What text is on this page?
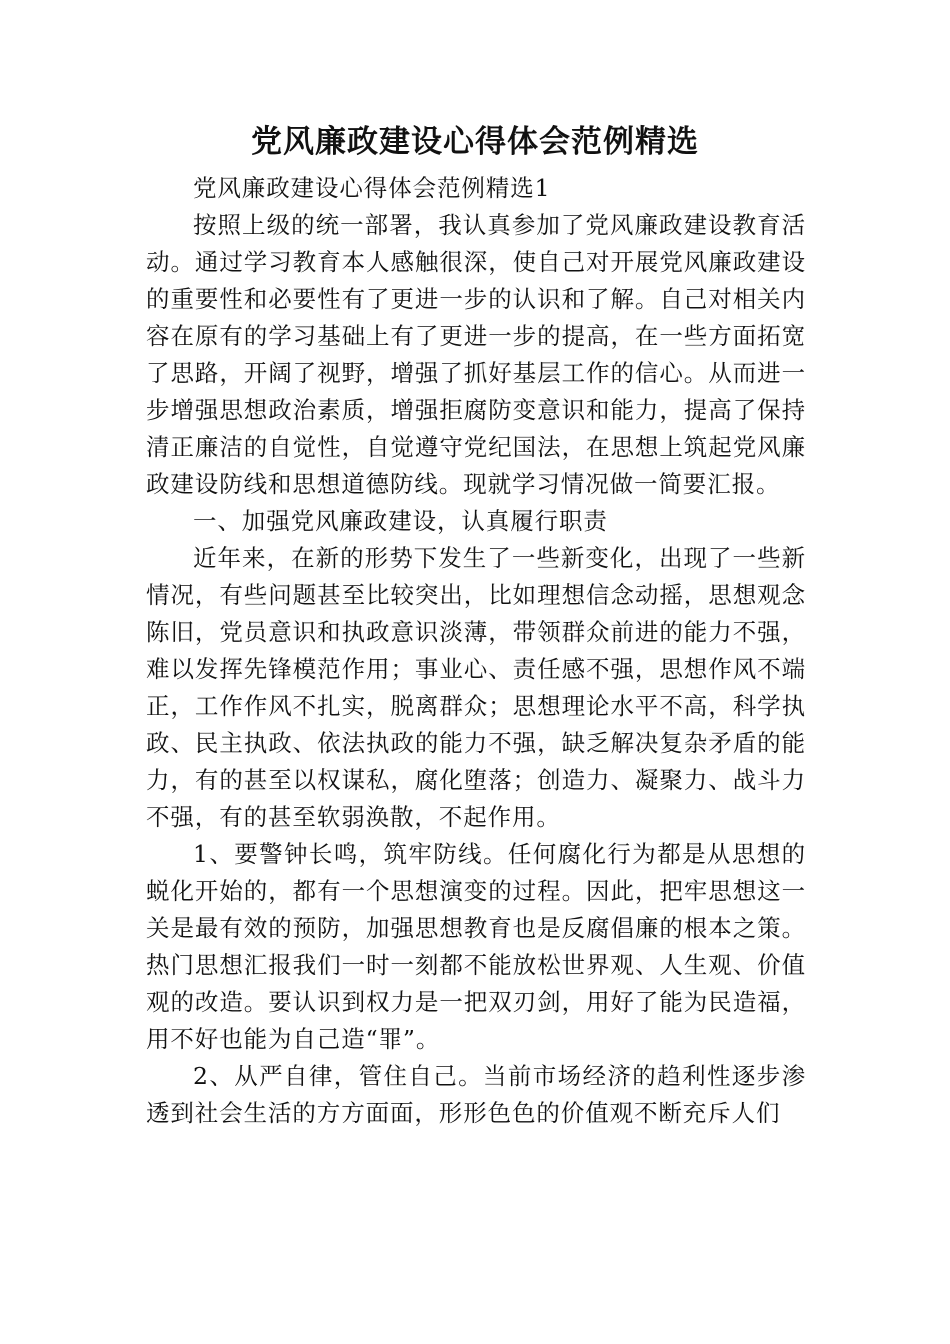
党风廉政建设心得体会范例精选

党风廉政建设心得体会范例精选1

按照上级的统一部署，我认真参加了党风廉政建设教育活动。通过学习教育本人感触很深，使自己对开展党风廉政建设的重要性和必要性有了更进一步的认识和了解。自己对相关内容在原有的学习基础上有了更进一步的提高，在一些方面拓宽了思路，开阔了视野，增强了抓好基层工作的信心。从而进一步增强思想政治素质，增强拒腐防变意识和能力，提高了保持清正廉洁的自觉性，自觉遵守党纪国法，在思想上筑起党风廉政建设防线和思想道德防线。现就学习情况做一简要汇报。

一、加强党风廉政建设，认真履行职责

近年来，在新的形势下发生了一些新变化，出现了一些新情况，有些问题甚至比较突出，比如理想信念动摇，思想观念陈旧，党员意识和执政意识淡薄，带领群众前进的能力不强，难以发挥先锋模范作用；事业心、责任感不强，思想作风不端正，工作作风不扎实，脱离群众；思想理论水平不高，科学执政、民主执政、依法执政的能力不强，缺乏解决复杂矛盾的能力，有的甚至以权谋私，腐化堕落；创造力、凝聚力、战斗力不强，有的甚至软弱涣散，不起作用。

1、要警钟长鸣，筑牢防线。任何腐化行为都是从思想的蜕化开始的，都有一个思想演变的过程。因此，把牢思想这一关是最有效的预防，加强思想教育也是反腐倡廉的根本之策。热门思想汇报我们一时一刻都不能放松世界观、人生观、价值观的改造。要认识到权力是一把双刃剑，用好了能为民造福，用不好也能为自己造“罪”。

2、从严自律，管住自己。当前市场经济的趋利性逐步渗透到社会生活的方方面面，形形色色的价值观不断充斥人们
